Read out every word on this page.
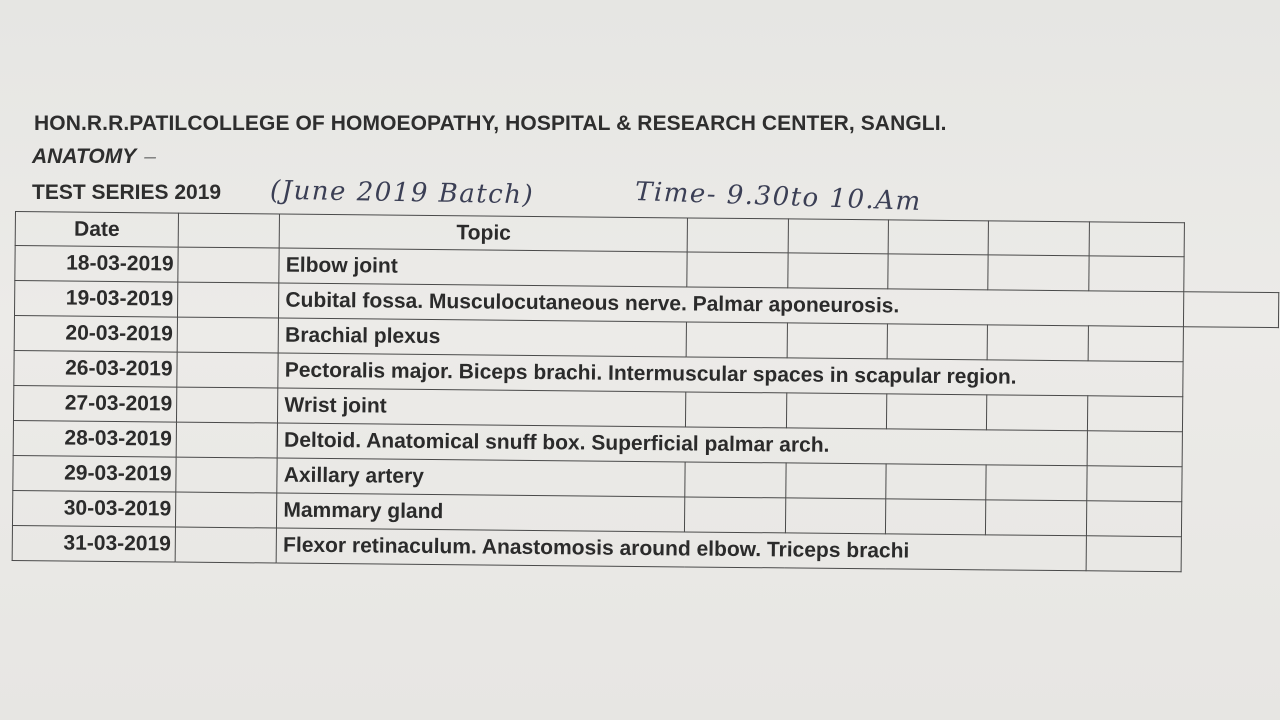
HON.R.R.PATILCOLLEGE OF HOMOEOPATHY, HOSPITAL & RESEARCH CENTER, SANGLI.
ANATOMY –
TEST SERIES 2019 (June 2019 Batch)	Time- 9.30to 10.Am
Date		Topic						
18-03-2019		Elbow joint						
19-03-2019		Cubital fossa. Musculocutaneous nerve. Palmar aponeurosis.						
20-03-2019		Brachial plexus						
26-03-2019		Pectoralis major. Biceps brachi. Intermuscular spaces in scapular region.						
27-03-2019		Wrist joint						
28-03-2019		Deltoid. Anatomical snuff box. Superficial palmar arch.						
29-03-2019		Axillary artery						
30-03-2019		Mammary gland						
31-03-2019		Flexor retinaculum. Anastomosis around elbow. Triceps brachi						
